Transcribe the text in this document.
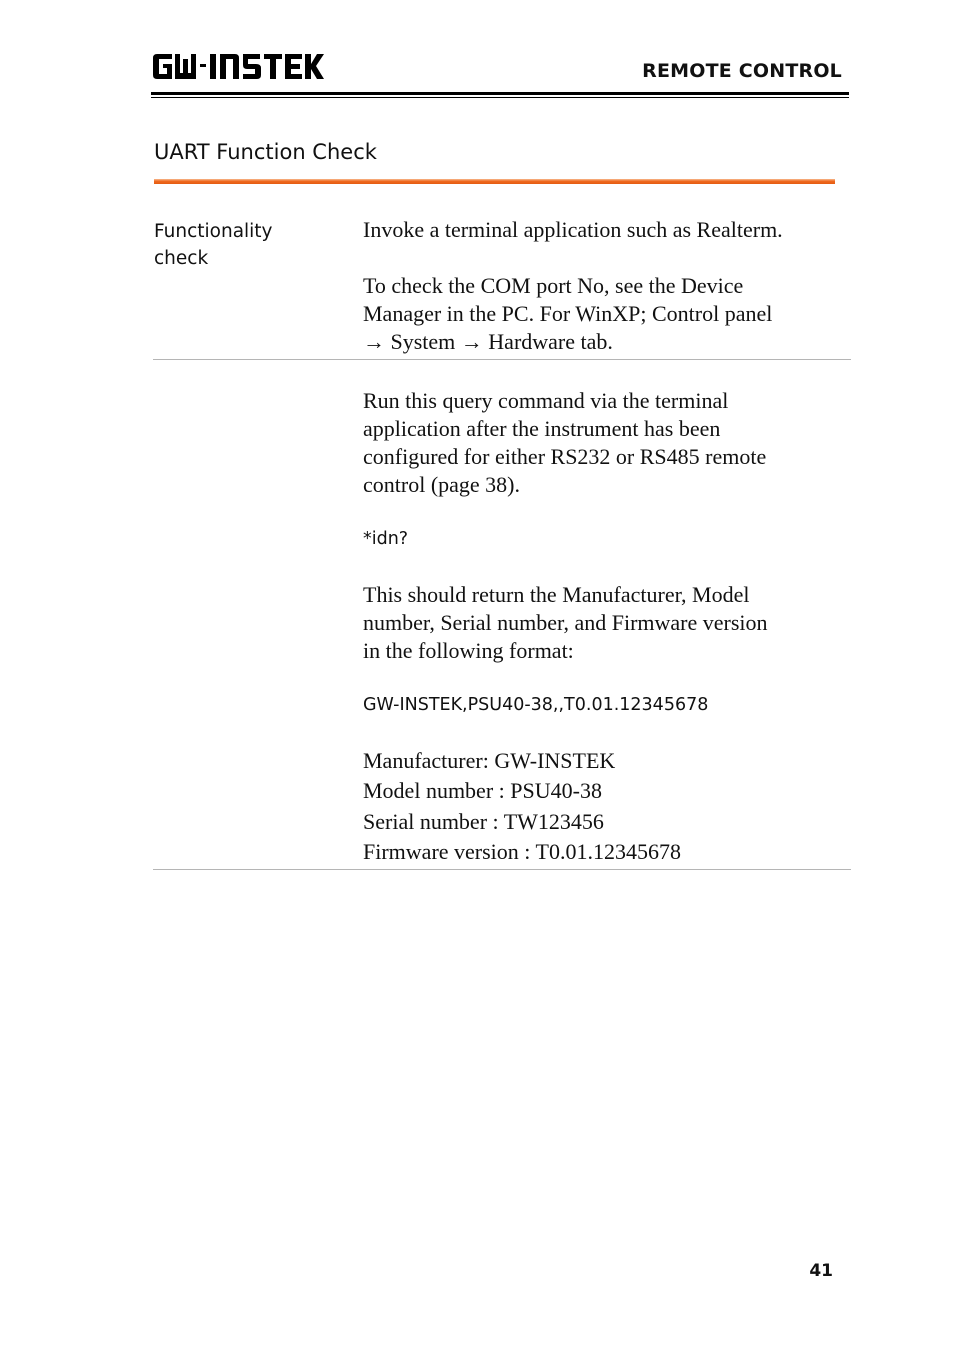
REMOTE CONTROL
UART Function Check
Functionality check
Invoke a terminal application such as Realterm.
To check the COM port No, see the Device
Manager in the PC. For WinXP; Control panel
→ System → Hardware tab.
Run this query command via the terminal
application after the instrument has been
configured for either RS232 or RS485 remote
control (page 38).
*idn?
This should return the Manufacturer, Model
number, Serial number, and Firmware version
in the following format:
GW-INSTEK,PSU40-38,,T0.01.12345678
Manufacturer: GW-INSTEK
Model number : PSU40-38
Serial number : TW123456
Firmware version : T0.01.12345678
41
